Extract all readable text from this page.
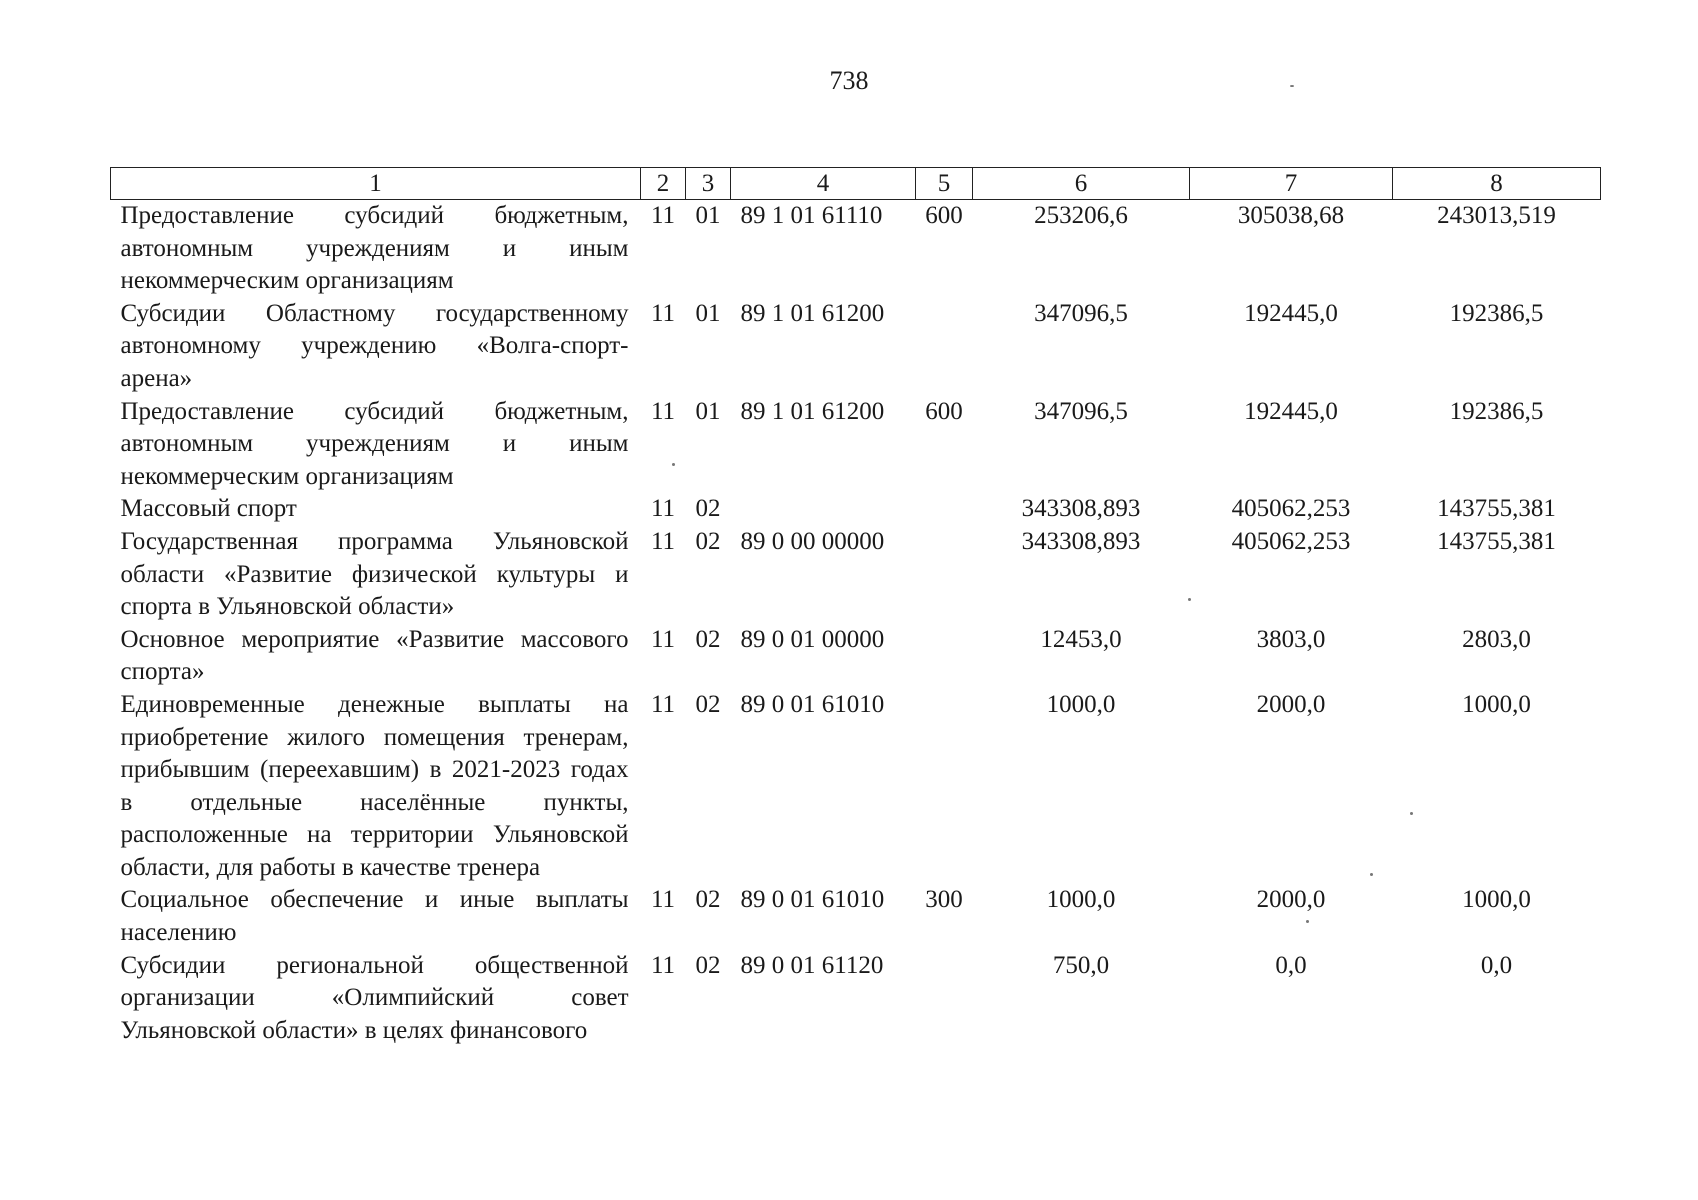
738
1	2	3	4	5	6	7	8
Предоставление субсидий бюджетным, автономным учреждениям и иным некоммерческим организациям	11	01	89 1 01 61110	600	253206,6	305038,68	243013,519
Субсидии Областному государственному автономному учреждению «Волга-спорт-арена»	11	01	89 1 01 61200		347096,5	192445,0	192386,5
Предоставление субсидий бюджетным, автономным учреждениям и иным некоммерческим организациям	11	01	89 1 01 61200	600	347096,5	192445,0	192386,5
Массовый спорт	11	02			343308,893	405062,253	143755,381
Государственная программа Ульяновской области «Развитие физической культуры и спорта в Ульяновской области»	11	02	89 0 00 00000		343308,893	405062,253	143755,381
Основное мероприятие «Развитие массового спорта»	11	02	89 0 01 00000		12453,0	3803,0	2803,0
Единовременные денежные выплаты на приобретение жилого помещения тренерам, прибывшим (переехавшим) в 2021-2023 годах в отдельные населённые пункты, расположенные на территории Ульяновской области, для работы в качестве тренера	11	02	89 0 01 61010		1000,0	2000,0	1000,0
Социальное обеспечение и иные выплаты населению	11	02	89 0 01 61010	300	1000,0	2000,0	1000,0
Субсидии региональной общественной организации «Олимпийский совет Ульяновской области» в целях финансового	11	02	89 0 01 61120		750,0	0,0	0,0
